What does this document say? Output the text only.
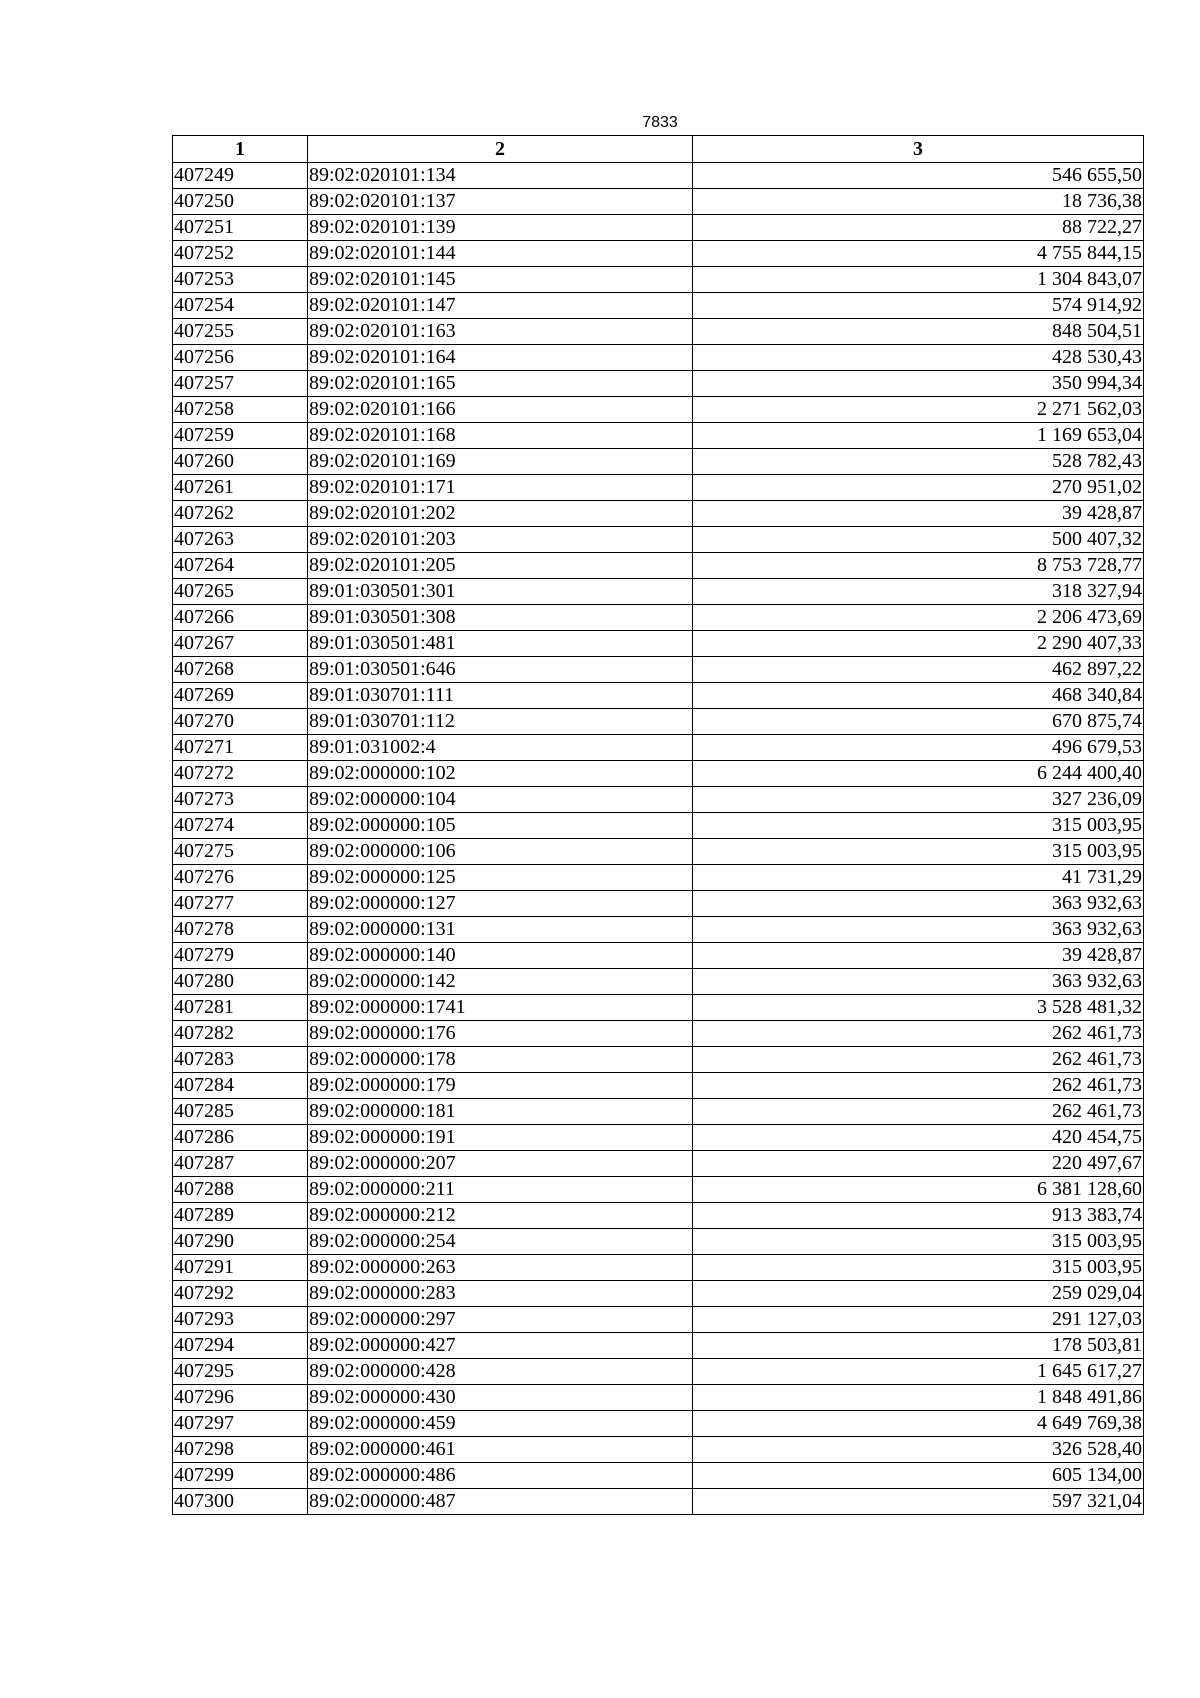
7833
1	2	3
407249	89:02:020101:134	546 655,50
407250	89:02:020101:137	18 736,38
407251	89:02:020101:139	88 722,27
407252	89:02:020101:144	4 755 844,15
407253	89:02:020101:145	1 304 843,07
407254	89:02:020101:147	574 914,92
407255	89:02:020101:163	848 504,51
407256	89:02:020101:164	428 530,43
407257	89:02:020101:165	350 994,34
407258	89:02:020101:166	2 271 562,03
407259	89:02:020101:168	1 169 653,04
407260	89:02:020101:169	528 782,43
407261	89:02:020101:171	270 951,02
407262	89:02:020101:202	39 428,87
407263	89:02:020101:203	500 407,32
407264	89:02:020101:205	8 753 728,77
407265	89:01:030501:301	318 327,94
407266	89:01:030501:308	2 206 473,69
407267	89:01:030501:481	2 290 407,33
407268	89:01:030501:646	462 897,22
407269	89:01:030701:111	468 340,84
407270	89:01:030701:112	670 875,74
407271	89:01:031002:4	496 679,53
407272	89:02:000000:102	6 244 400,40
407273	89:02:000000:104	327 236,09
407274	89:02:000000:105	315 003,95
407275	89:02:000000:106	315 003,95
407276	89:02:000000:125	41 731,29
407277	89:02:000000:127	363 932,63
407278	89:02:000000:131	363 932,63
407279	89:02:000000:140	39 428,87
407280	89:02:000000:142	363 932,63
407281	89:02:000000:1741	3 528 481,32
407282	89:02:000000:176	262 461,73
407283	89:02:000000:178	262 461,73
407284	89:02:000000:179	262 461,73
407285	89:02:000000:181	262 461,73
407286	89:02:000000:191	420 454,75
407287	89:02:000000:207	220 497,67
407288	89:02:000000:211	6 381 128,60
407289	89:02:000000:212	913 383,74
407290	89:02:000000:254	315 003,95
407291	89:02:000000:263	315 003,95
407292	89:02:000000:283	259 029,04
407293	89:02:000000:297	291 127,03
407294	89:02:000000:427	178 503,81
407295	89:02:000000:428	1 645 617,27
407296	89:02:000000:430	1 848 491,86
407297	89:02:000000:459	4 649 769,38
407298	89:02:000000:461	326 528,40
407299	89:02:000000:486	605 134,00
407300	89:02:000000:487	597 321,04
